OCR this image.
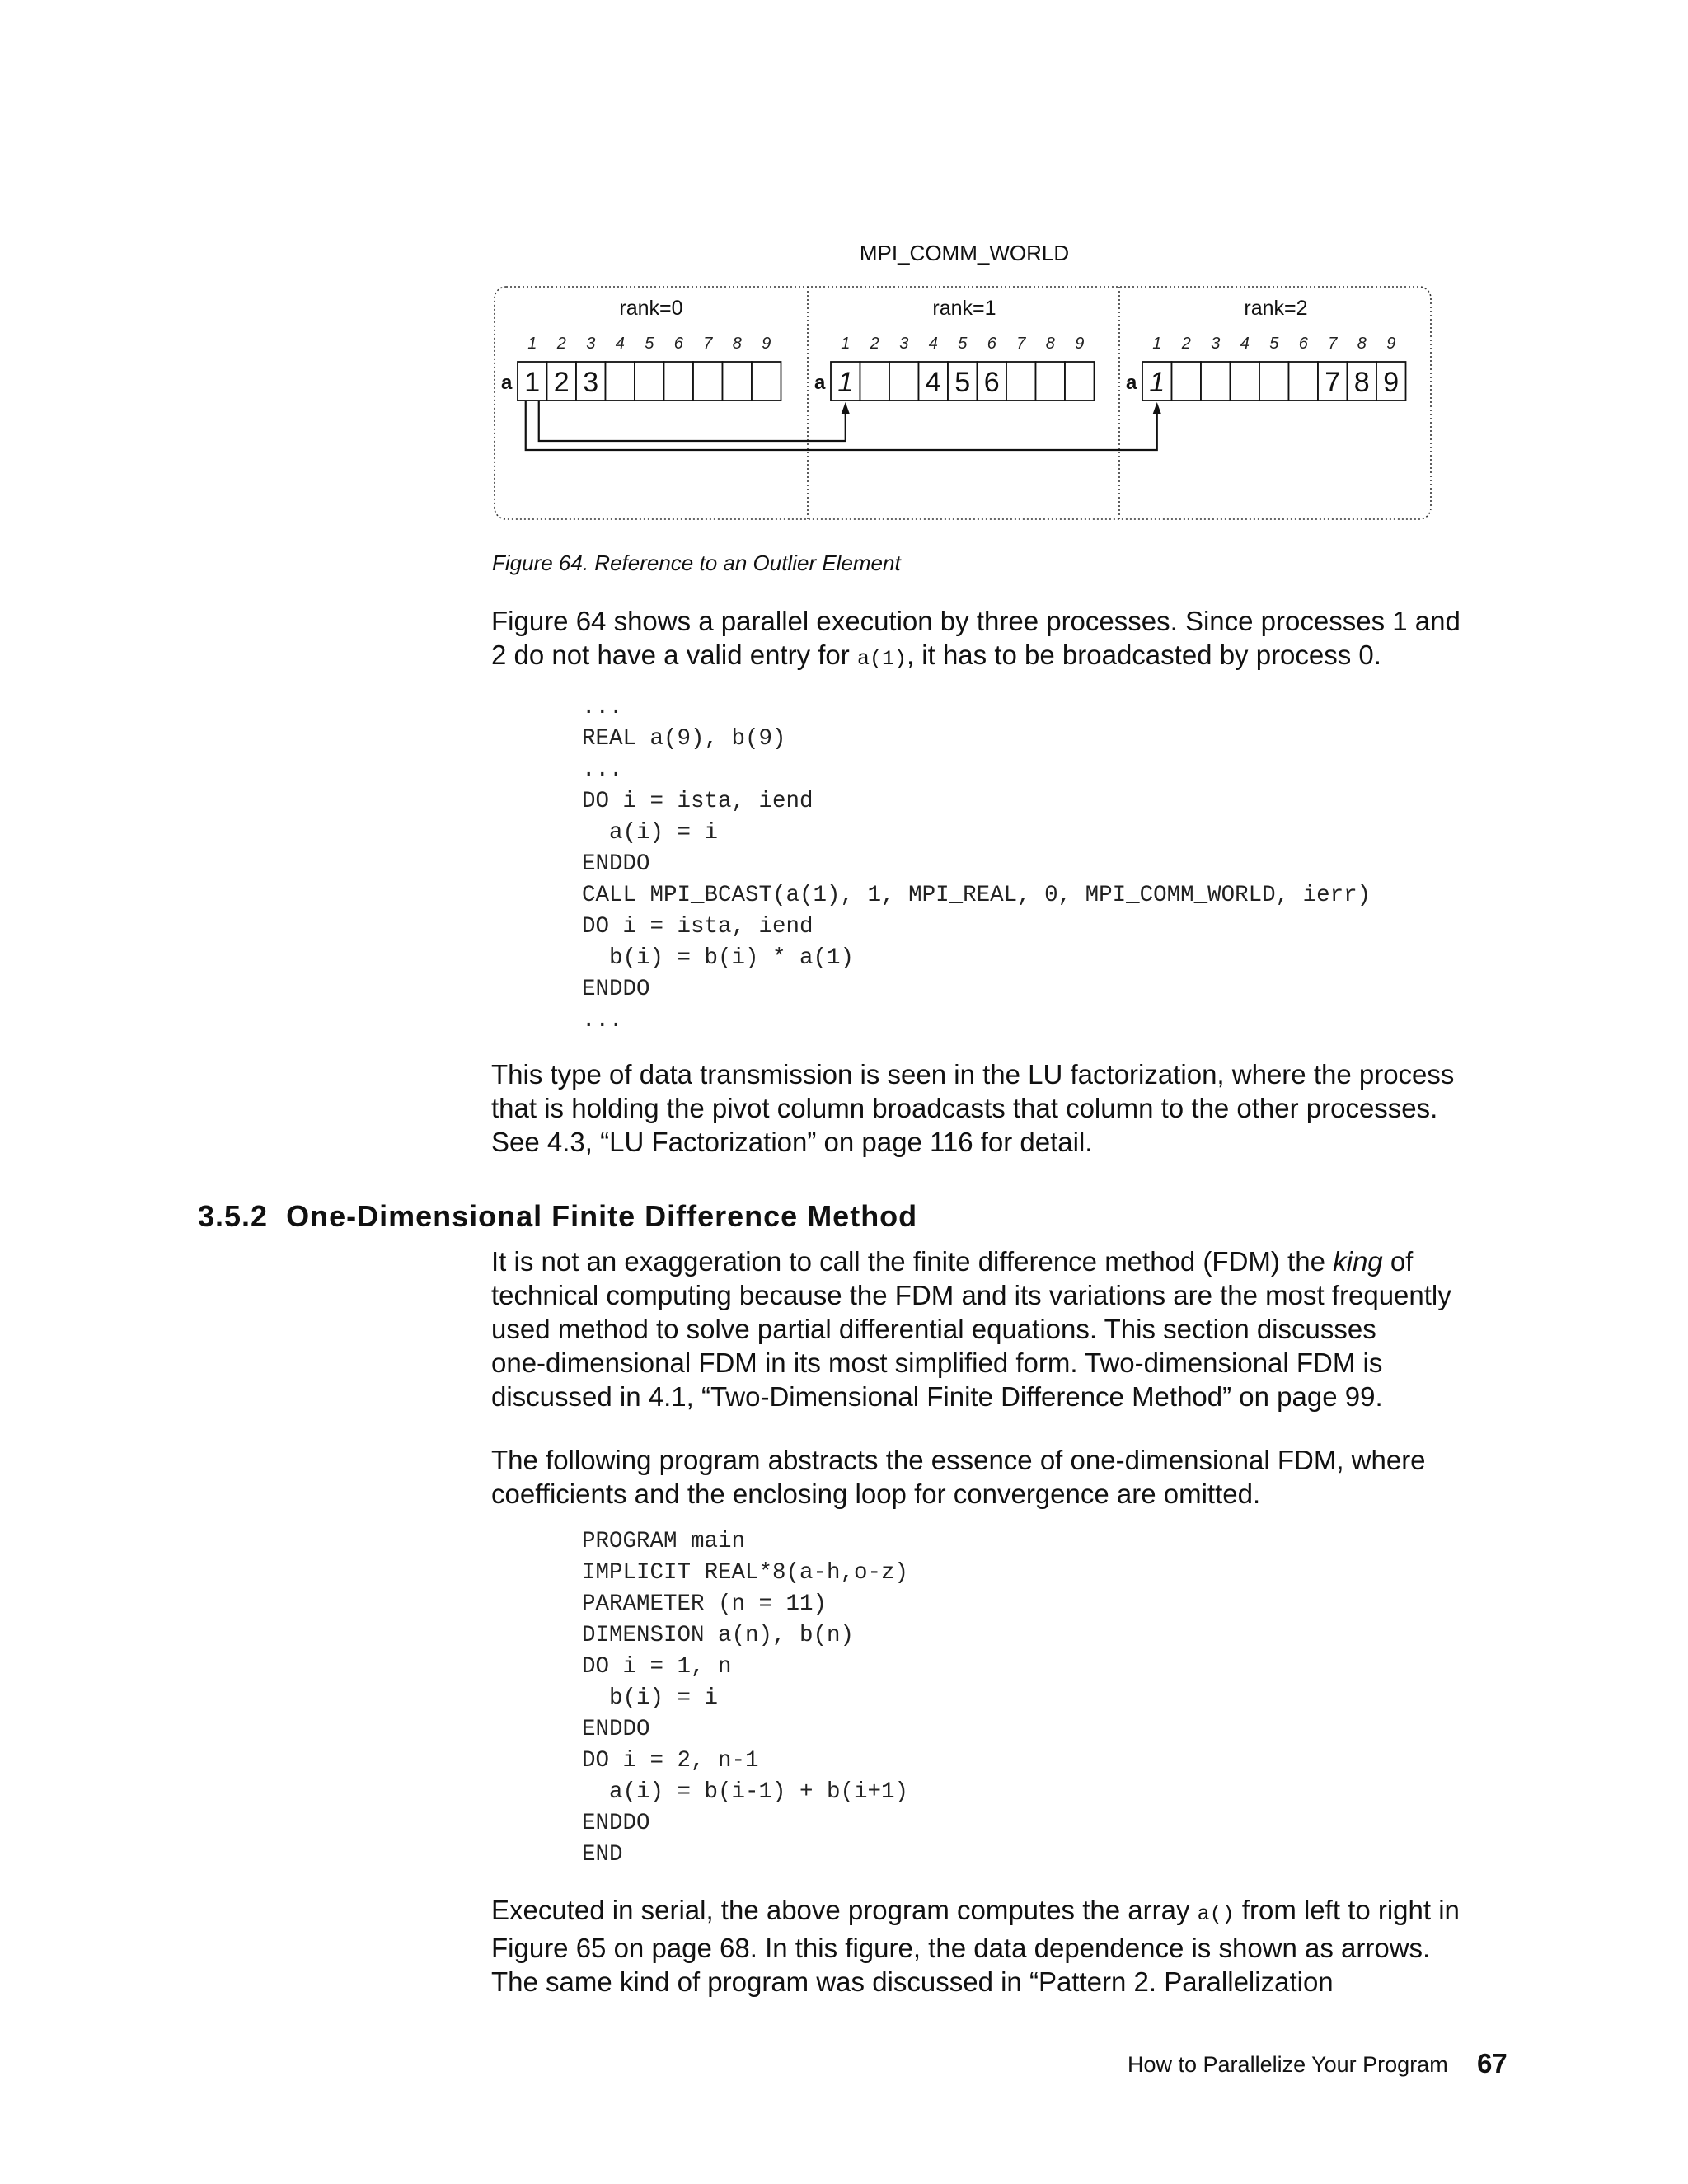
MPI_COMM_WORLD
rank=0
a
1
1
2
2
3
3
4 5 6 7 8 9
rank=1
a
1
1
2 3 4
4
5
5
6
6
7 8 9
rank=2
a
1
1
2 3 4 5 6 7
7
8
8
9
9
Figure 64. Reference to an Outlier Element
Figure 64 shows a parallel execution by three processes. Since processes 1 and
2 do not have a valid entry for a(1), it has to be broadcasted by process 0.
...
REAL a(9), b(9)
...
DO i = ista, iend
a(i) = i
ENDDO
CALL MPI_BCAST(a(1), 1, MPI_REAL, 0, MPI_COMM_WORLD, ierr)
DO i = ista, iend
b(i) = b(i) * a(1)
ENDDO
...
This type of data transmission is seen in the LU factorization, where the process
that is holding the pivot column broadcasts that column to the other processes.
See 4.3, “LU Factorization” on page 116 for detail.
3.5.2 One-Dimensional Finite Difference Method
It is not an exaggeration to call the finite difference method (FDM) the king of
technical computing because the FDM and its variations are the most frequently
used method to solve partial differential equations. This section discusses
one-dimensional FDM in its most simplified form. Two-dimensional FDM is
discussed in 4.1, “Two-Dimensional Finite Difference Method” on page 99.
The following program abstracts the essence of one-dimensional FDM, where
coefficients and the enclosing loop for convergence are omitted.
PROGRAM main
IMPLICIT REAL*8(a-h,o-z)
PARAMETER (n = 11)
DIMENSION a(n), b(n)
DO i = 1, n
b(i) = i
ENDDO
DO i = 2, n-1
a(i) = b(i-1) + b(i+1)
ENDDO
END
Executed in serial, the above program computes the array a() from left to right in
Figure 65 on page 68. In this figure, the data dependence is shown as arrows.
The same kind of program was discussed in “Pattern 2. Parallelization
How to Parallelize Your Program 67
